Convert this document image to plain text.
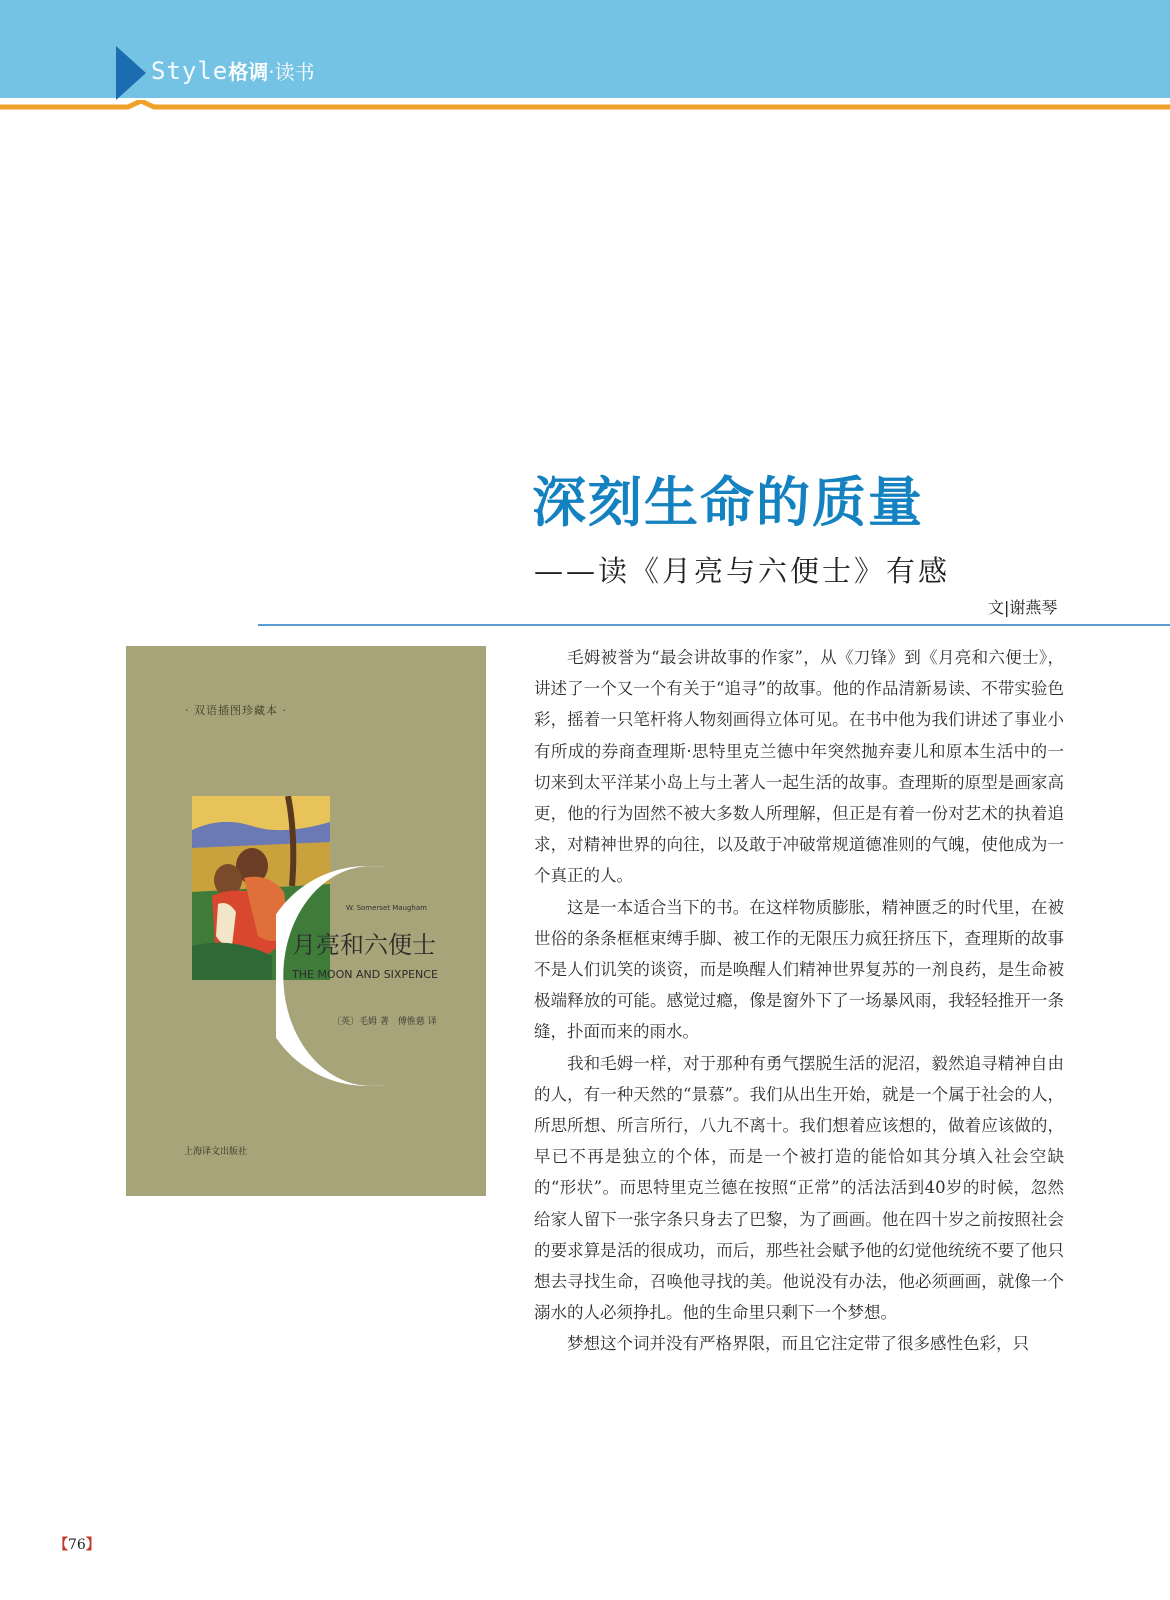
Style格调·读书
深刻生命的质量
——读《月亮与六便士》有感
文|谢燕琴
· 双语插图珍藏本 ·
W. Somerset Maugham
月亮和六便士
THE MOON AND SIXPENCE
〔英〕毛姆 著　傅惟慈 译
上海译文出版社

毛姆被誉为“最会讲故事的作家”，从《刀锋》到《月亮和六便士》，讲述了一个又一个有关于“追寻”的故事。他的作品清新易读、不带实验色彩，摇着一只笔杆将人物刻画得立体可见。在书中他为我们讲述了事业小有所成的券商查理斯·思特里克兰德中年突然抛弃妻儿和原本生活中的一切来到太平洋某小岛上与土著人一起生活的故事。查理斯的原型是画家高更，他的行为固然不被大多数人所理解，但正是有着一份对艺术的执着追求，对精神世界的向往，以及敢于冲破常规道德准则的气魄，使他成为一个真正的人。

这是一本适合当下的书。在这样物质膨胀，精神匮乏的时代里，在被世俗的条条框框束缚手脚、被工作的无限压力疯狂挤压下，查理斯的故事不是人们讥笑的谈资，而是唤醒人们精神世界复苏的一剂良药，是生命被极端释放的可能。感觉过瘾，像是窗外下了一场暴风雨，我轻轻推开一条缝，扑面而来的雨水。

我和毛姆一样，对于那种有勇气摆脱生活的泥沼，毅然追寻精神自由的人，有一种天然的“景慕”。我们从出生开始，就是一个属于社会的人，所思所想、所言所行，八九不离十。我们想着应该想的，做着应该做的，早已不再是独立的个体，而是一个被打造的能恰如其分填入社会空缺的“形状”。而思特里克兰德在按照“正常”的活法活到40岁的时候，忽然给家人留下一张字条只身去了巴黎，为了画画。他在四十岁之前按照社会的要求算是活的很成功，而后，那些社会赋予他的幻觉他统统不要了他只想去寻找生命，召唤他寻找的美。他说没有办法，他必须画画，就像一个溺水的人必须挣扎。他的生命里只剩下一个梦想。

梦想这个词并没有严格界限，而且它注定带了很多感性色彩，只

【76】
